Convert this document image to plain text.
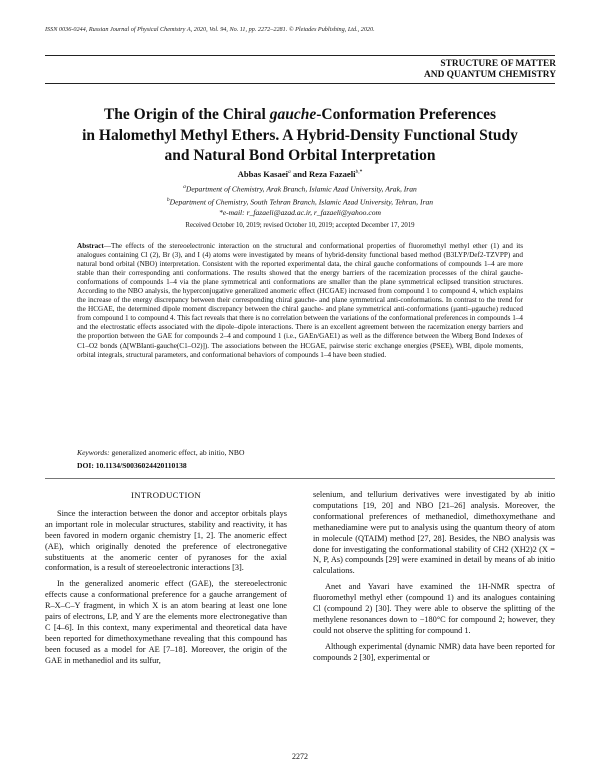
ISSN 0036-0244, Russian Journal of Physical Chemistry A, 2020, Vol. 94, No. 11, pp. 2272–2281. © Pleiades Publishing, Ltd., 2020.
STRUCTURE OF MATTER
AND QUANTUM CHEMISTRY
The Origin of the Chiral gauche-Conformation Preferences
in Halomethyl Methyl Ethers. A Hybrid-Density Functional Study
and Natural Bond Orbital Interpretation
Abbas Kasaei$^a$ and Reza Fazaeli$^{b,*}$
$^a$Department of Chemistry, Arak Branch, Islamic Azad University, Arak, Iran
$^b$Department of Chemistry, South Tehran Branch, Islamic Azad University, Tehran, Iran
*e-mail: r_fazaeli@azad.ac.ir, r_fazaeli@yahoo.com
Received October 10, 2019; revised October 10, 2019; accepted December 17, 2019
Abstract—The effects of the stereoelectronic interaction on the structural and conformational properties of fluoromethyl methyl ether (1) and its analogues containing Cl (2), Br (3), and I (4) atoms were investigated by means of hybrid-density functional based method (B3LYP/Def2-TZVPP) and natural bond orbital (NBO) interpretation. Consistent with the reported experimental data, the chiral gauche conformations of compounds 1–4 are more stable than their corresponding anti conformations. The results showed that the energy barriers of the racemization processes of the chiral gauche-conformations of compounds 1–4 via the plane symmetrical anti conformations are smaller than the plane symmetrical eclipsed transition structures. According to the NBO analysis, the hyperconjugative generalized anomeric effect (HCGAE) increased from compound 1 to compound 4, which explains the increase of the energy discrepancy between their corresponding chiral gauche- and plane symmetrical anti-conformations. In contrast to the trend for the HCGAE, the determined dipole moment discrepancy between the chiral gauche- and plane symmetrical anti-conformations (μanti–μgauche) reduced from compound 1 to compound 4. This fact reveals that there is no correlation between the variations of the conformational preferences in compounds 1–4 and the electrostatic effects associated with the dipole–dipole interactions. There is an excellent agreement between the racemization energy barriers and the proportion between the GAE for compounds 2–4 and compound 1 (i.e., GAEn/GAE1) as well as the difference between the Wiberg Bond Indexes of C1–O2 bonds (Δ[WBIanti-gauche(C1–O2)]). The associations between the HCGAE, pairwise steric exchange energies (PSEE), WBI, dipole moments, orbital integrals, structural parameters, and conformational behaviors of compounds 1–4 have been studied.
Keywords: generalized anomeric effect, ab initio, NBO
DOI: 10.1134/S0036024420110138
INTRODUCTION

Since the interaction between the donor and acceptor orbitals plays an important role in molecular structures, stability and reactivity, it has been favored in modern organic chemistry [1, 2]. The anomeric effect (AE), which originally denoted the preference of electronegative substituents at the anomeric center of pyranoses for the axial conformation, is a result of stereoelectronic interactions [3].

In the generalized anomeric effect (GAE), the stereoelectronic effects cause a conformational preference for a gauche arrangement of R–X–C–Y fragment, in which X is an atom bearing at least one lone pairs of electrons, LP, and Y are the elements more electronegative than C [4–6]. In this context, many experimental and theoretical data have been reported for dimethoxymethane revealing that this compound has been focused as a model for AE [7–18]. Moreover, the origin of the GAE in methanediol and its sulfur,

selenium, and tellurium derivatives were investigated by ab initio computations [19, 20] and NBO [21–26] analysis. Moreover, the conformational preferences of methanediol, dimethoxymethane and methanediamine were put to analysis using the quantum theory of atom in molecule (QTAIM) method [27, 28]. Besides, the NBO analysis was done for investigating the conformational stability of CH2 (XH2)2 (X = N, P, As) compounds [29] were examined in detail by means of ab initio calculations.

Anet and Yavari have examined the 1H-NMR spectra of fluoromethyl methyl ether (compound 1) and its analogues containing Cl (compound 2) [30]. They were able to observe the splitting of the methylene resonances down to −180°C for compound 2; however, they could not observe the splitting for compound 1.

Although experimental (dynamic NMR) data have been reported for compounds 2 [30], experimental or

2272
